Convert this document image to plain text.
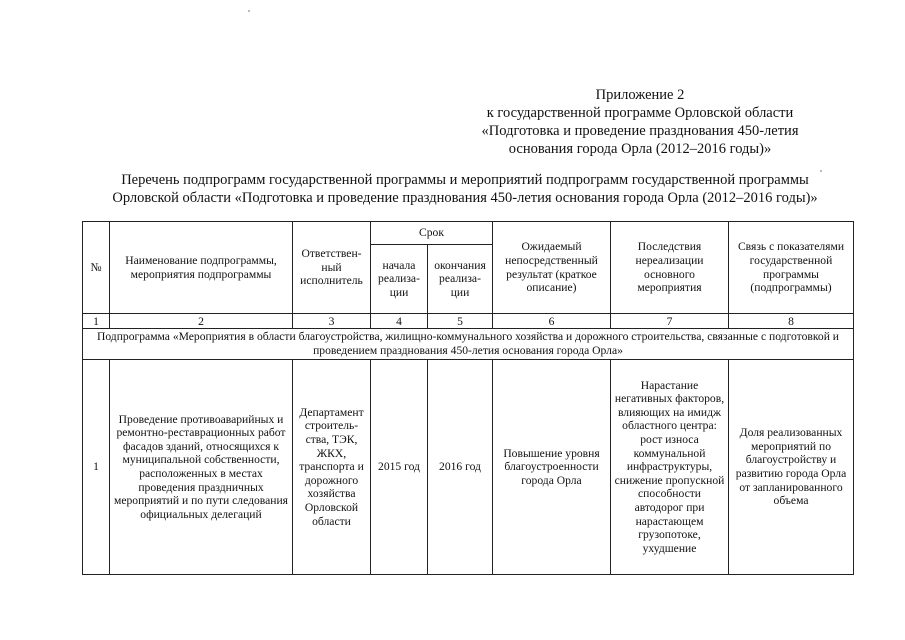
Приложение 2
к государственной программе Орловской области
«Подготовка и проведение празднования 450-летия
основания города Орла (2012–2016 годы)»
Перечень подпрограмм государственной программы и мероприятий подпрограмм государственной программы
Орловской области «Подготовка и проведение празднования 450-летия основания города Орла (2012–2016 годы)»
№	Наименование подпрограммы, мероприятия подпрограммы	Ответствен-ный исполнитель	Срок		Ожидаемый непосредственный результат (краткое описание)	Последствия нереализации основного мероприятия	Связь с показателями государственной программы (подпрограммы)
			начала реализа-ции	окончания реализа-ции			
1	2	3	4	5	6	7	8
Подпрограмма «Мероприятия в области благоустройства, жилищно-коммунального хозяйства и дорожного строительства, связанные с подготовкой и проведением празднования 450-летия основания города Орла»							
1	Проведение противоаварийных и ремонтно-реставрационных работ фасадов зданий, относящихся к муниципальной собственности, расположенных в местах проведения праздничных мероприятий и по пути следования официальных делегаций	Департамент строитель-ства, ТЭК, ЖКХ, транспорта и дорожного хозяйства Орловской области	2015 год	2016 год	Повышение уровня благоустроенности города Орла	Нарастание негативных факторов, влияющих на имидж областного центра: рост износа коммунальной инфраструктуры, снижение пропускной способности автодорог при нарастающем грузопотоке, ухудшение	Доля реализованных мероприятий по благоустройству и развитию города Орла от запланированного объема
